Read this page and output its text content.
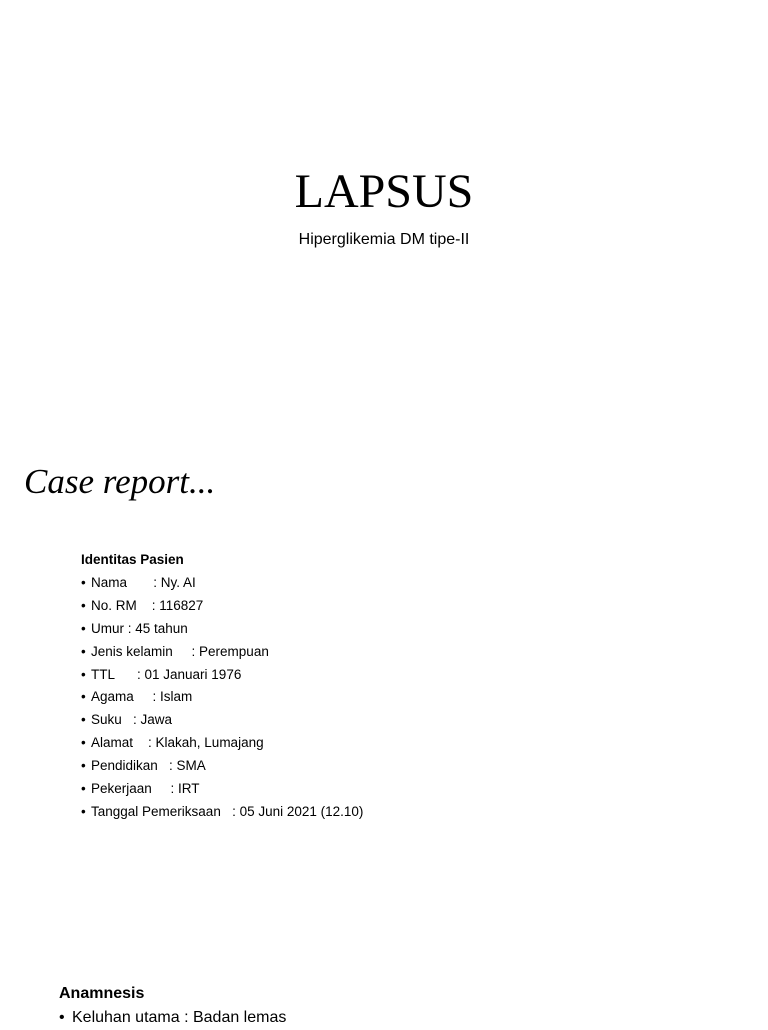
LAPSUS
Hiperglikemia DM tipe-II
Case report...
Identitas Pasien
• Nama       : Ny. AI
• No. RM    : 116827
• Umur : 45 tahun
• Jenis kelamin     : Perempuan
• TTL      : 01 Januari 1976
• Agama     : Islam
• Suku   : Jawa
• Alamat    : Klakah, Lumajang
• Pendidikan   : SMA
• Pekerjaan     : IRT
• Tanggal Pemeriksaan   : 05 Juni 2021 (12.10)
Anamnesis
• Keluhan utama : Badan lemas
